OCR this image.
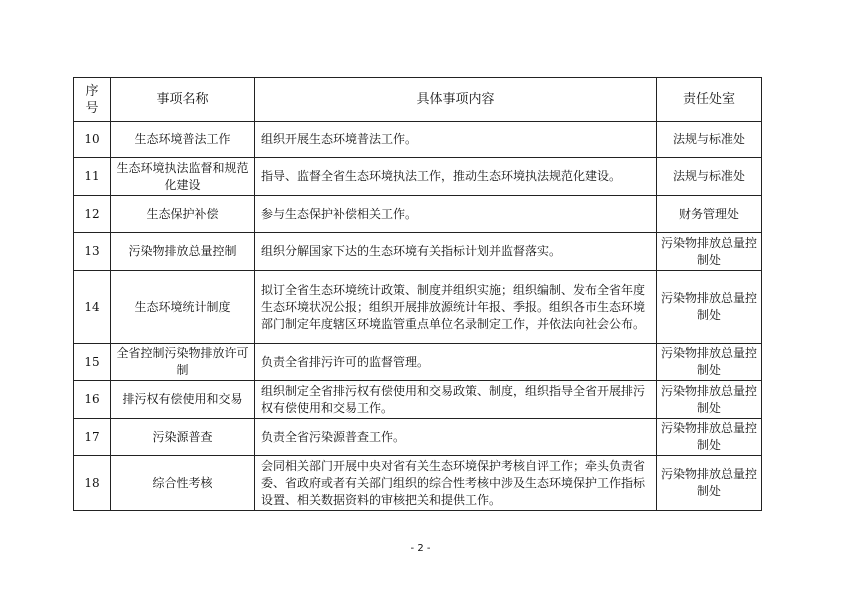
序号	事项名称	具体事项内容	责任处室
10	生态环境普法工作	组织开展生态环境普法工作。	法规与标准处
11	生态环境执法监督和规范化建设	指导、监督全省生态环境执法工作，推动生态环境执法规范化建设。	法规与标准处
12	生态保护补偿	参与生态保护补偿相关工作。	财务管理处
13	污染物排放总量控制	组织分解国家下达的生态环境有关指标计划并监督落实。	污染物排放总量控制处
14	生态环境统计制度	拟订全省生态环境统计政策、制度并组织实施；组织编制、发布全省年度生态环境状况公报；组织开展排放源统计年报、季报。组织各市生态环境部门制定年度辖区环境监管重点单位名录制定工作，并依法向社会公布。	污染物排放总量控制处
15	全省控制污染物排放许可制	负责全省排污许可的监督管理。	污染物排放总量控制处
16	排污权有偿使用和交易	组织制定全省排污权有偿使用和交易政策、制度，组织指导全省开展排污权有偿使用和交易工作。	污染物排放总量控制处
17	污染源普查	负责全省污染源普查工作。	污染物排放总量控制处
18	综合性考核	会同相关部门开展中央对省有关生态环境保护考核自评工作；牵头负责省委、省政府或者有关部门组织的综合性考核中涉及生态环境保护工作指标设置、相关数据资料的审核把关和提供工作。	污染物排放总量控制处
- 2 -
